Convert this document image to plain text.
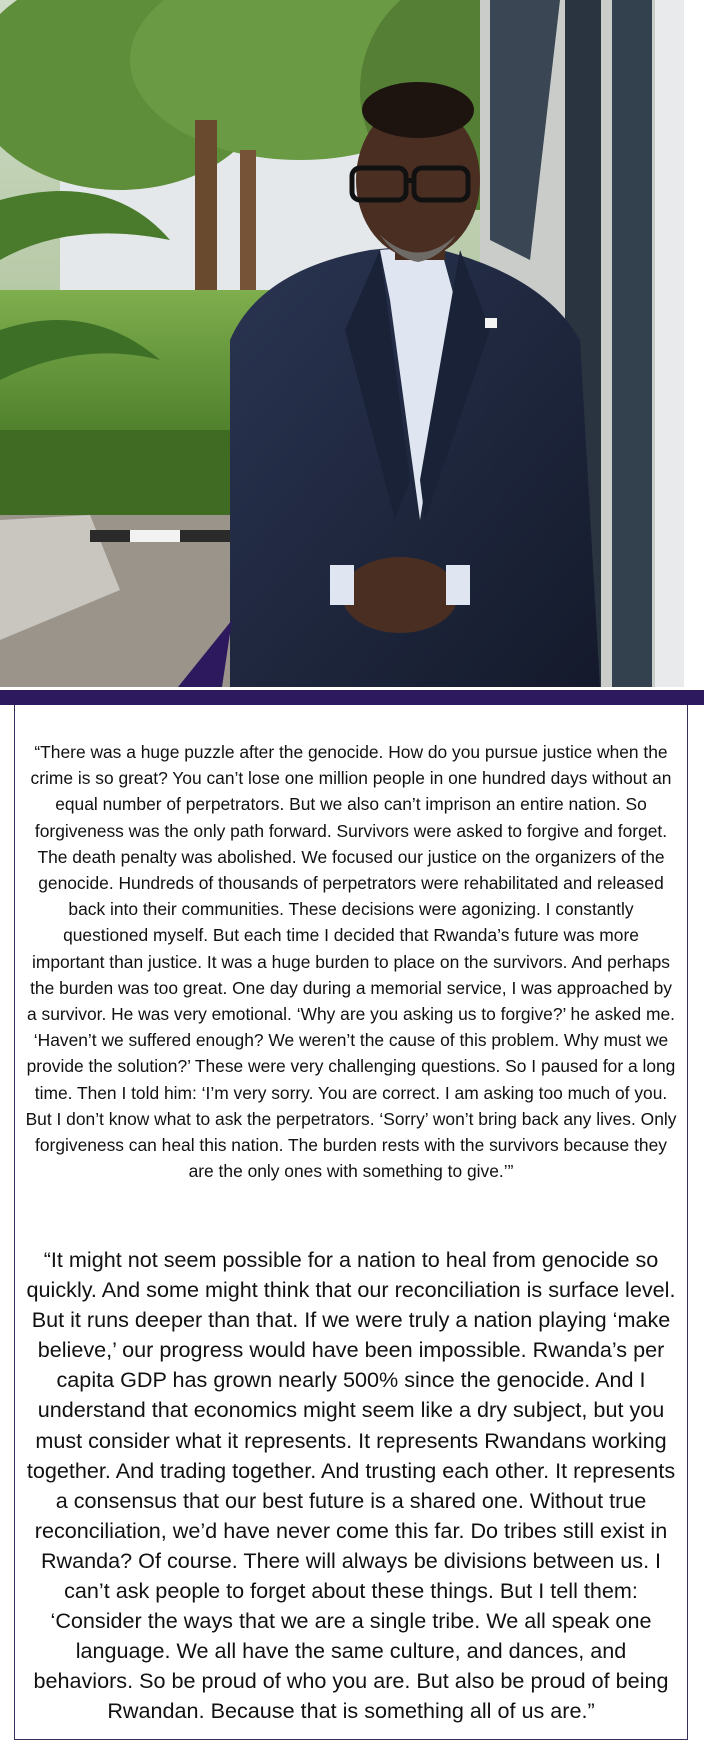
“There was a huge puzzle after the genocide. How do you pursue justice when the crime is so great? You can’t lose one million people in one hundred days without an equal number of perpetrators. But we also can’t imprison an entire nation. So forgiveness was the only path forward. Survivors were asked to forgive and forget. The death penalty was abolished. We focused our justice on the organizers of the genocide. Hundreds of thousands of perpetrators were rehabilitated and released back into their communities. These decisions were agonizing. I constantly questioned myself. But each time I decided that Rwanda’s future was more important than justice. It was a huge burden to place on the survivors. And perhaps the burden was too great. One day during a memorial service, I was approached by a survivor. He was very emotional. ‘Why are you asking us to forgive?’ he asked me. ‘Haven’t we suffered enough? We weren’t the cause of this problem. Why must we provide the solution?’ These were very challenging questions. So I paused for a long time. Then I told him: ‘I’m very sorry. You are correct. I am asking too much of you. But I don’t know what to ask the perpetrators. ‘Sorry’ won’t bring back any lives. Only forgiveness can heal this nation. The burden rests with the survivors because they are the only ones with something to give.’”

“It might not seem possible for a nation to heal from genocide so quickly. And some might think that our reconciliation is surface level. But it runs deeper than that. If we were truly a nation playing ‘make believe,’ our progress would have been impossible. Rwanda’s per capita GDP has grown nearly 500% since the genocide. And I understand that economics might seem like a dry subject, but you must consider what it represents. It represents Rwandans working together. And trading together. And trusting each other. It represents a consensus that our best future is a shared one. Without true reconciliation, we’d have never come this far. Do tribes still exist in Rwanda? Of course. There will always be divisions between us. I can’t ask people to forget about these things. But I tell them: ‘Consider the ways that we are a single tribe. We all speak one language. We all have the same culture, and dances, and behaviors. So be proud of who you are. But also be proud of being Rwandan. Because that is something all of us are.”
